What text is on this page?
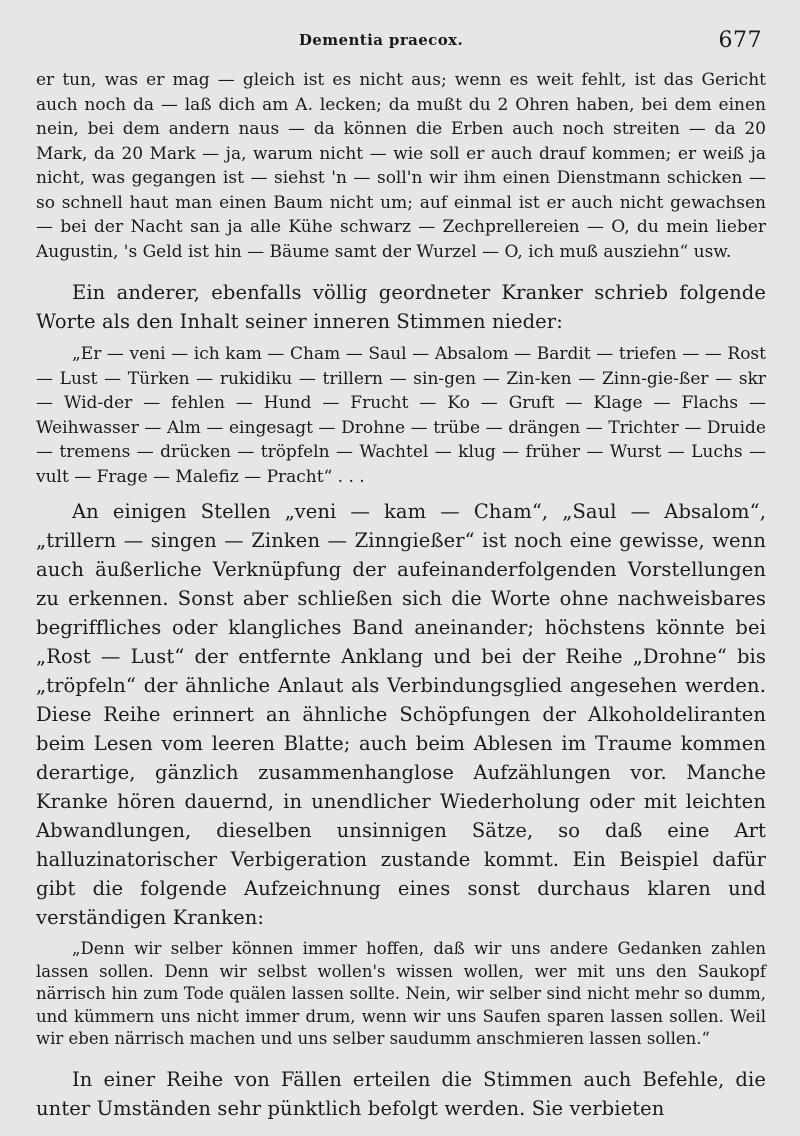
Dementia praecox.	677

er tun, was er mag — gleich ist es nicht aus; wenn es weit fehlt, ist das Gericht auch noch da — laß dich am A. lecken; da mußt du 2 Ohren haben, bei dem einen nein, bei dem andern naus — da können die Erben auch noch streiten — da 20 Mark, da 20 Mark — ja, warum nicht — wie soll er auch drauf kommen; er weiß ja nicht, was gegangen ist — siehst 'n — soll'n wir ihm einen Dienstmann schicken — so schnell haut man einen Baum nicht um; auf einmal ist er auch nicht gewachsen — bei der Nacht san ja alle Kühe schwarz — Zechprellereien — O, du mein lieber Augustin, 's Geld ist hin — Bäume samt der Wurzel — O, ich muß ausziehn“ usw.

Ein anderer, ebenfalls völlig geordneter Kranker schrieb folgende Worte als den Inhalt seiner inneren Stimmen nieder:

„Er — veni — ich kam — Cham — Saul — Absalom — Bardit — triefen — — Rost — Lust — Türken — rukidiku — trillern — sin-gen — Zin-ken — Zinn-gie-ßer — skr — Wid-der — fehlen — Hund — Frucht — Ko — Gruft — Klage — Flachs — Weihwasser — Alm — eingesagt — Drohne — trübe — drängen — Trichter — Druide — tremens — drücken — tröpfeln — Wachtel — klug — früher — Wurst — Luchs — vult — Frage — Malefiz — Pracht“ . . .

An einigen Stellen „veni — kam — Cham“, „Saul — Absalom“, „trillern — singen — Zinken — Zinngießer“ ist noch eine gewisse, wenn auch äußerliche Verknüpfung der aufeinanderfolgenden Vorstellungen zu erkennen. Sonst aber schließen sich die Worte ohne nachweisbares begriffliches oder klangliches Band aneinander; höchstens könnte bei „Rost — Lust“ der entfernte Anklang und bei der Reihe „Drohne“ bis „tröpfeln“ der ähnliche Anlaut als Verbindungsglied angesehen werden. Diese Reihe erinnert an ähnliche Schöpfungen der Alkoholdeliranten beim Lesen vom leeren Blatte; auch beim Ablesen im Traume kommen derartige, gänzlich zusammenhanglose Aufzählungen vor. Manche Kranke hören dauernd, in unendlicher Wiederholung oder mit leichten Abwandlungen, dieselben unsinnigen Sätze, so daß eine Art halluzinatorischer Verbigeration zustande kommt. Ein Beispiel dafür gibt die folgende Aufzeichnung eines sonst durchaus klaren und verständigen Kranken:

„Denn wir selber können immer hoffen, daß wir uns andere Gedanken zahlen lassen sollen. Denn wir selbst wollen's wissen wollen, wer mit uns den Saukopf närrisch hin zum Tode quälen lassen sollte. Nein, wir selber sind nicht mehr so dumm, und kümmern uns nicht immer drum, wenn wir uns Saufen sparen lassen sollen. Weil wir eben närrisch machen und uns selber saudumm anschmieren lassen sollen.“

In einer Reihe von Fällen erteilen die Stimmen auch Befehle, die unter Umständen sehr pünktlich befolgt werden. Sie verbieten
